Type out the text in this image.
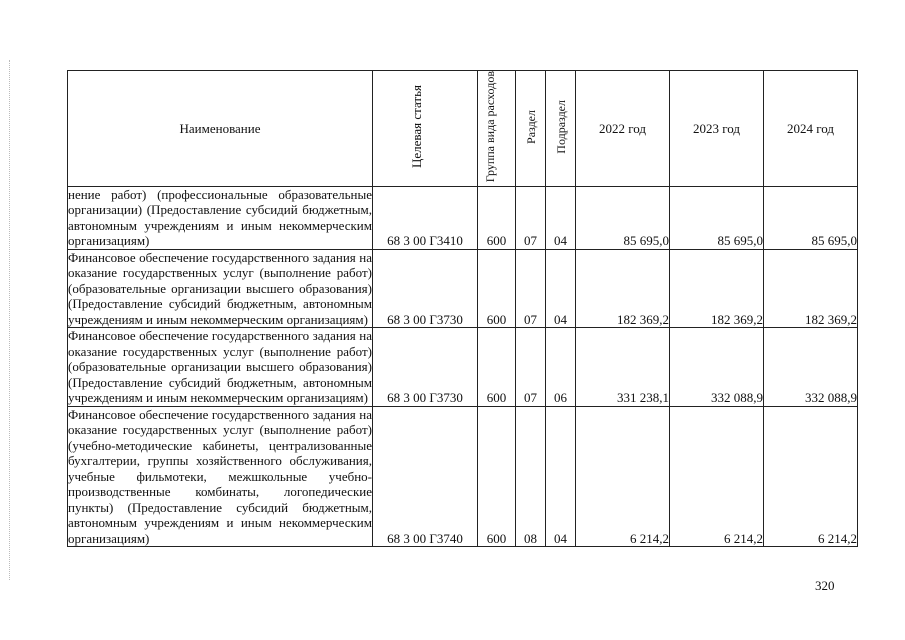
Наименование	Целевая статья	Группа вида расходов	Раздел	Подраздел	2022 год	2023 год	2024 год

нение работ) (профессиональные образовательные организации) (Предоставление субсидий бюджетным, автономным учреждениям и иным некоммерческим организациям)	68 3 00 Г3410	600	07	04	85 695,0	85 695,0	85 695,0

Финансовое обеспечение государственного задания на оказание государственных услуг (выполнение работ) (образовательные организации высшего образования) (Предоставление субсидий бюджетным, автономным учреждениям и иным некоммерческим организациям)	68 3 00 Г3730	600	07	04	182 369,2	182 369,2	182 369,2

Финансовое обеспечение государственного задания на оказание государственных услуг (выполнение работ) (образовательные организации высшего образования) (Предоставление субсидий бюджетным, автономным учреждениям и иным некоммерческим организациям)	68 3 00 Г3730	600	07	06	331 238,1	332 088,9	332 088,9

Финансовое обеспечение государственного задания на оказание государственных услуг (выполнение работ) (учебно-методические кабинеты, централизованные бухгалтерии, группы хозяйственного обслуживания, учебные фильмотеки, межшкольные учебно-производственные комбинаты, логопедические пункты) (Предоставление субсидий бюджетным, автономным учреждениям и иным некоммерческим организациям)	68 3 00 Г3740	600	08	04	6 214,2	6 214,2	6 214,2
320
